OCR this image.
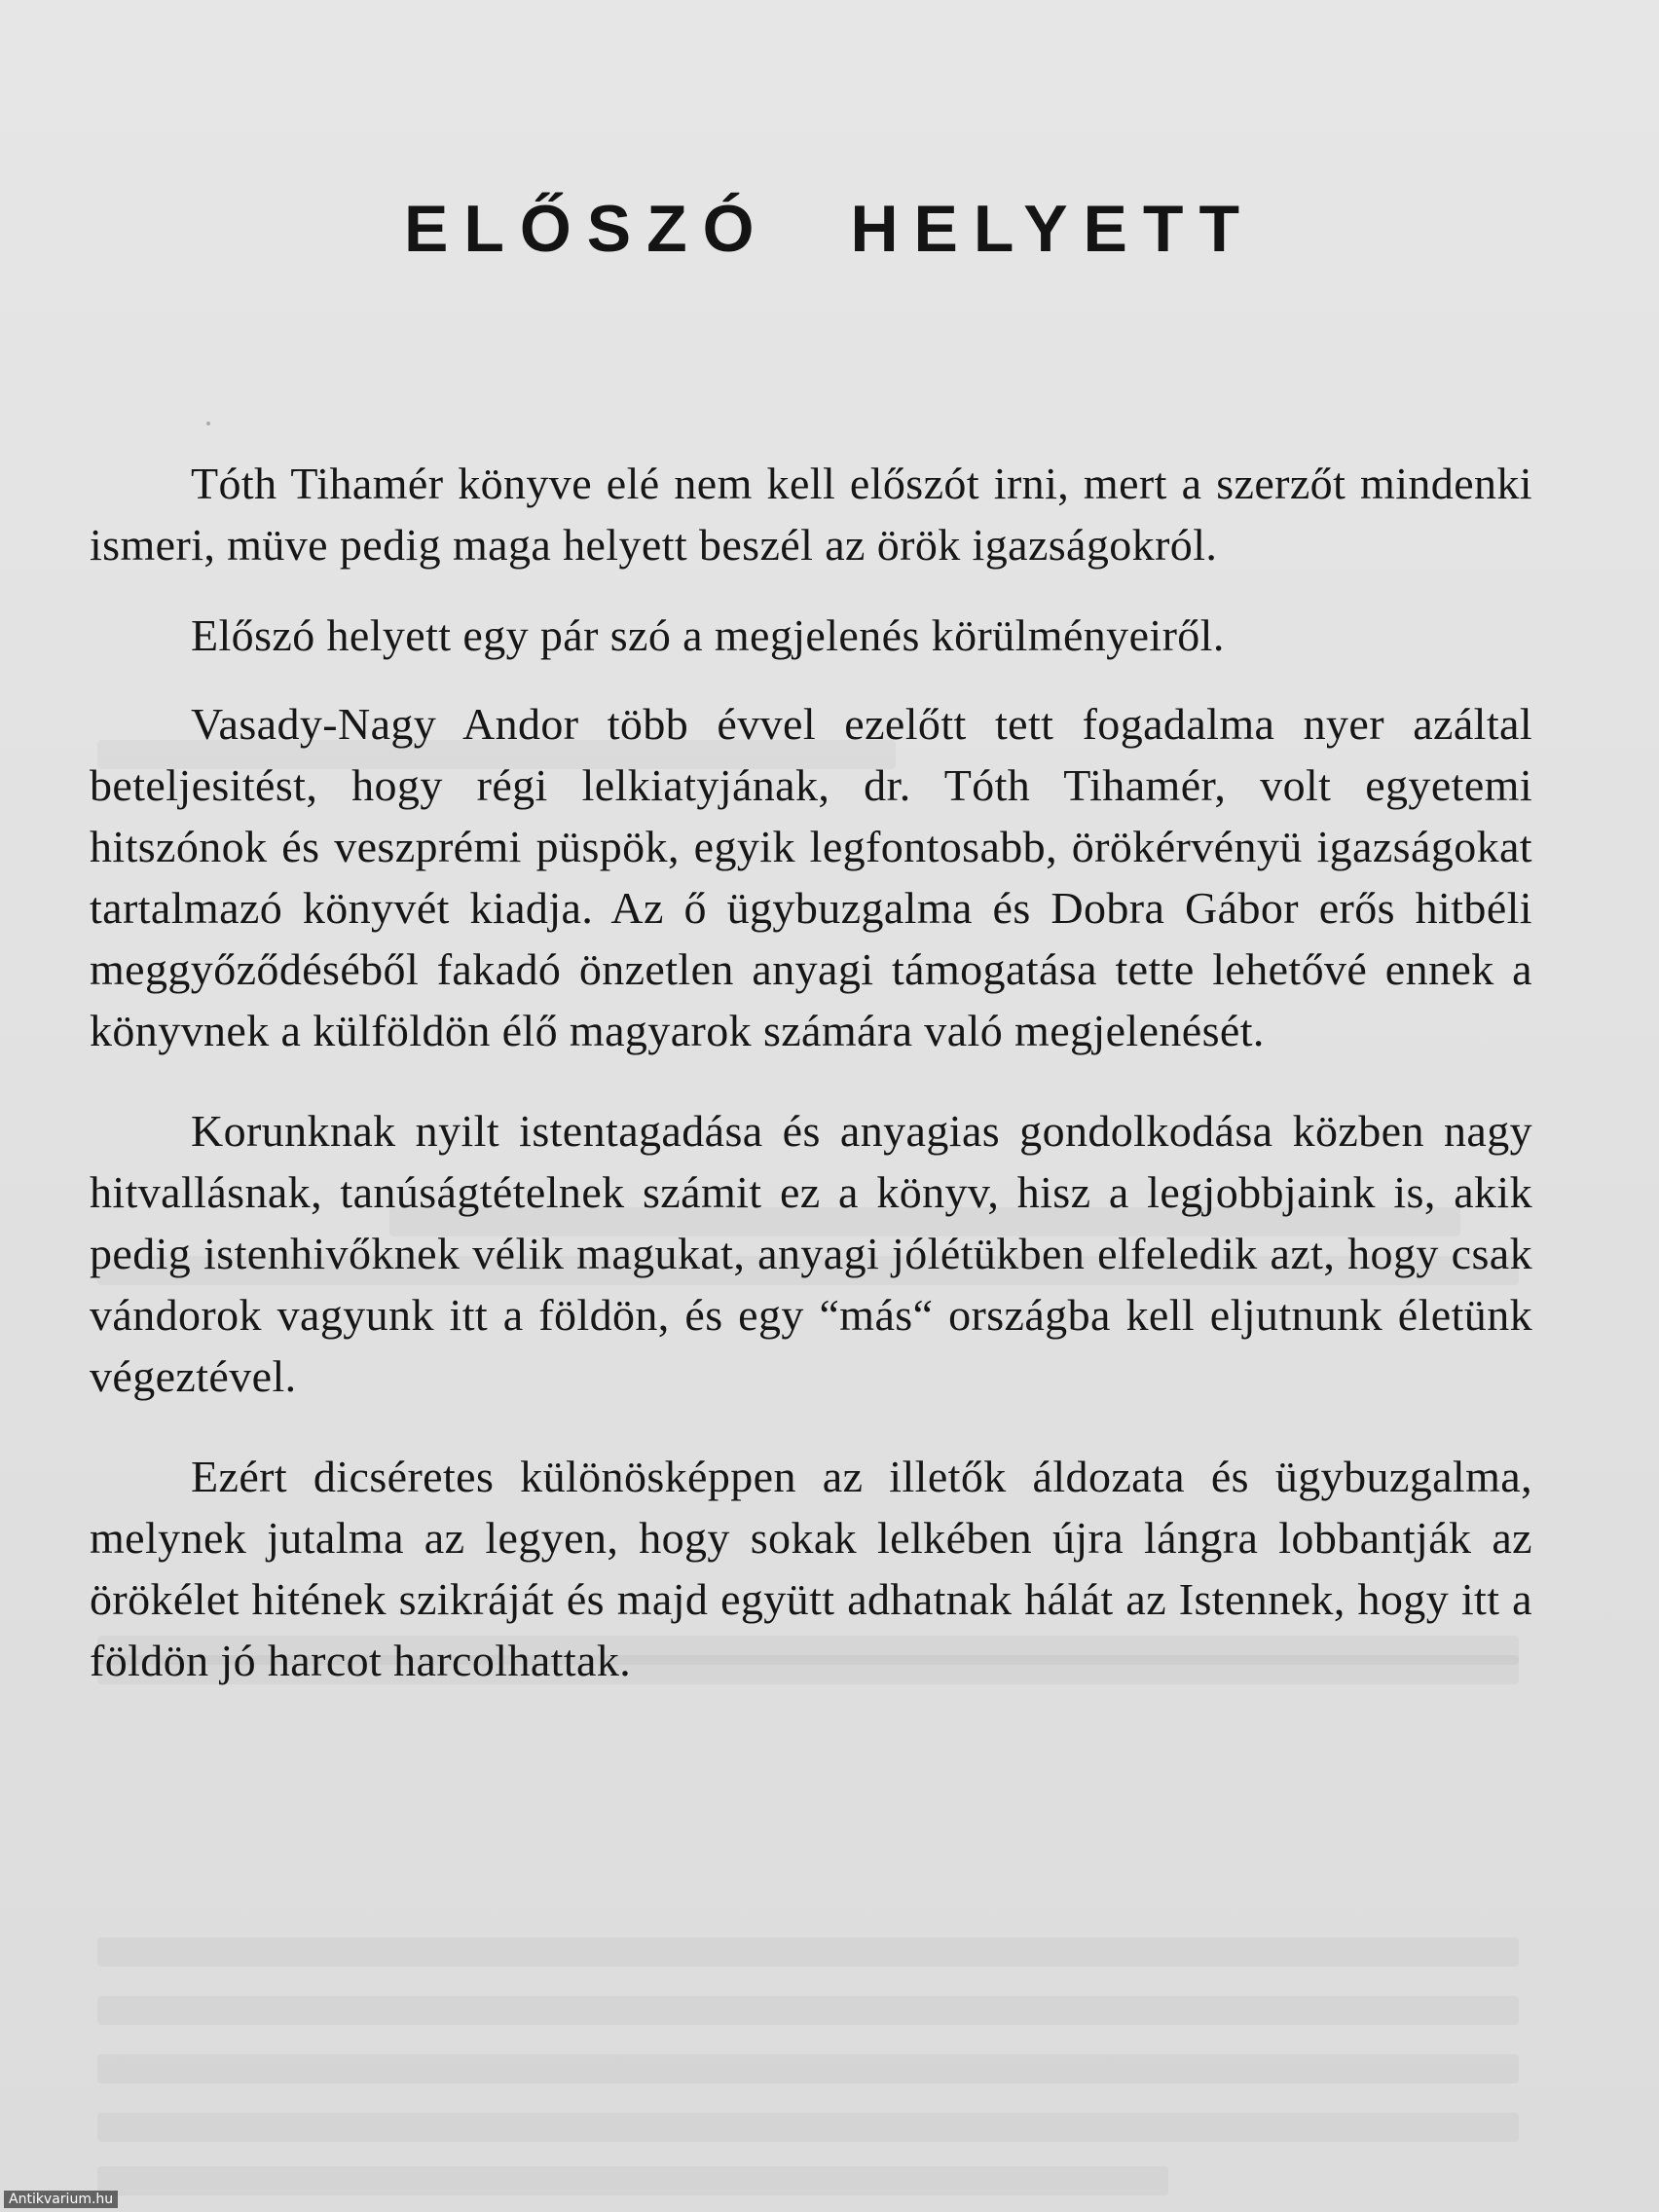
ELŐSZÓ HELYETT

Tóth Tihamér könyve elé nem kell előszót irni, mert a szerzőt mindenki ismeri, müve pedig maga helyett beszél az örök igazságokról.

Előszó helyett egy pár szó a megjelenés körülményeiről.

Vasady-Nagy Andor több évvel ezelőtt tett fogadalma nyer azáltal beteljesitést, hogy régi lelkiatyjának, dr. Tóth Tihamér, volt egyetemi hitszónok és veszprémi püspök, egyik legfontosabb, örökérvényü igazságokat tartalmazó könyvét kiadja. Az ő ügybuzgalma és Dobra Gábor erős hitbéli meggyőződéséből fakadó önzetlen anyagi támogatása tette lehetővé ennek a könyvnek a külföldön élő magyarok számára való megjelenését.

Korunknak nyilt istentagadása és anyagias gondolkodása közben nagy hitvallásnak, tanúságtételnek számit ez a könyv, hisz a legjobbjaink is, akik pedig istenhivőknek vélik magukat, anyagi jólétükben elfeledik azt, hogy csak vándorok vagyunk itt a földön, és egy “más“ országba kell eljutnunk életünk végeztével.

Ezért dicséretes különösképpen az illetők áldozata és ügybuzgalma, melynek jutalma az legyen, hogy sokak lelkében újra lángra lobbantják az örökélet hitének szikráját és majd együtt adhatnak hálát az Istennek, hogy itt a földön jó harcot harcolhattak.

Antikvarium.hu
